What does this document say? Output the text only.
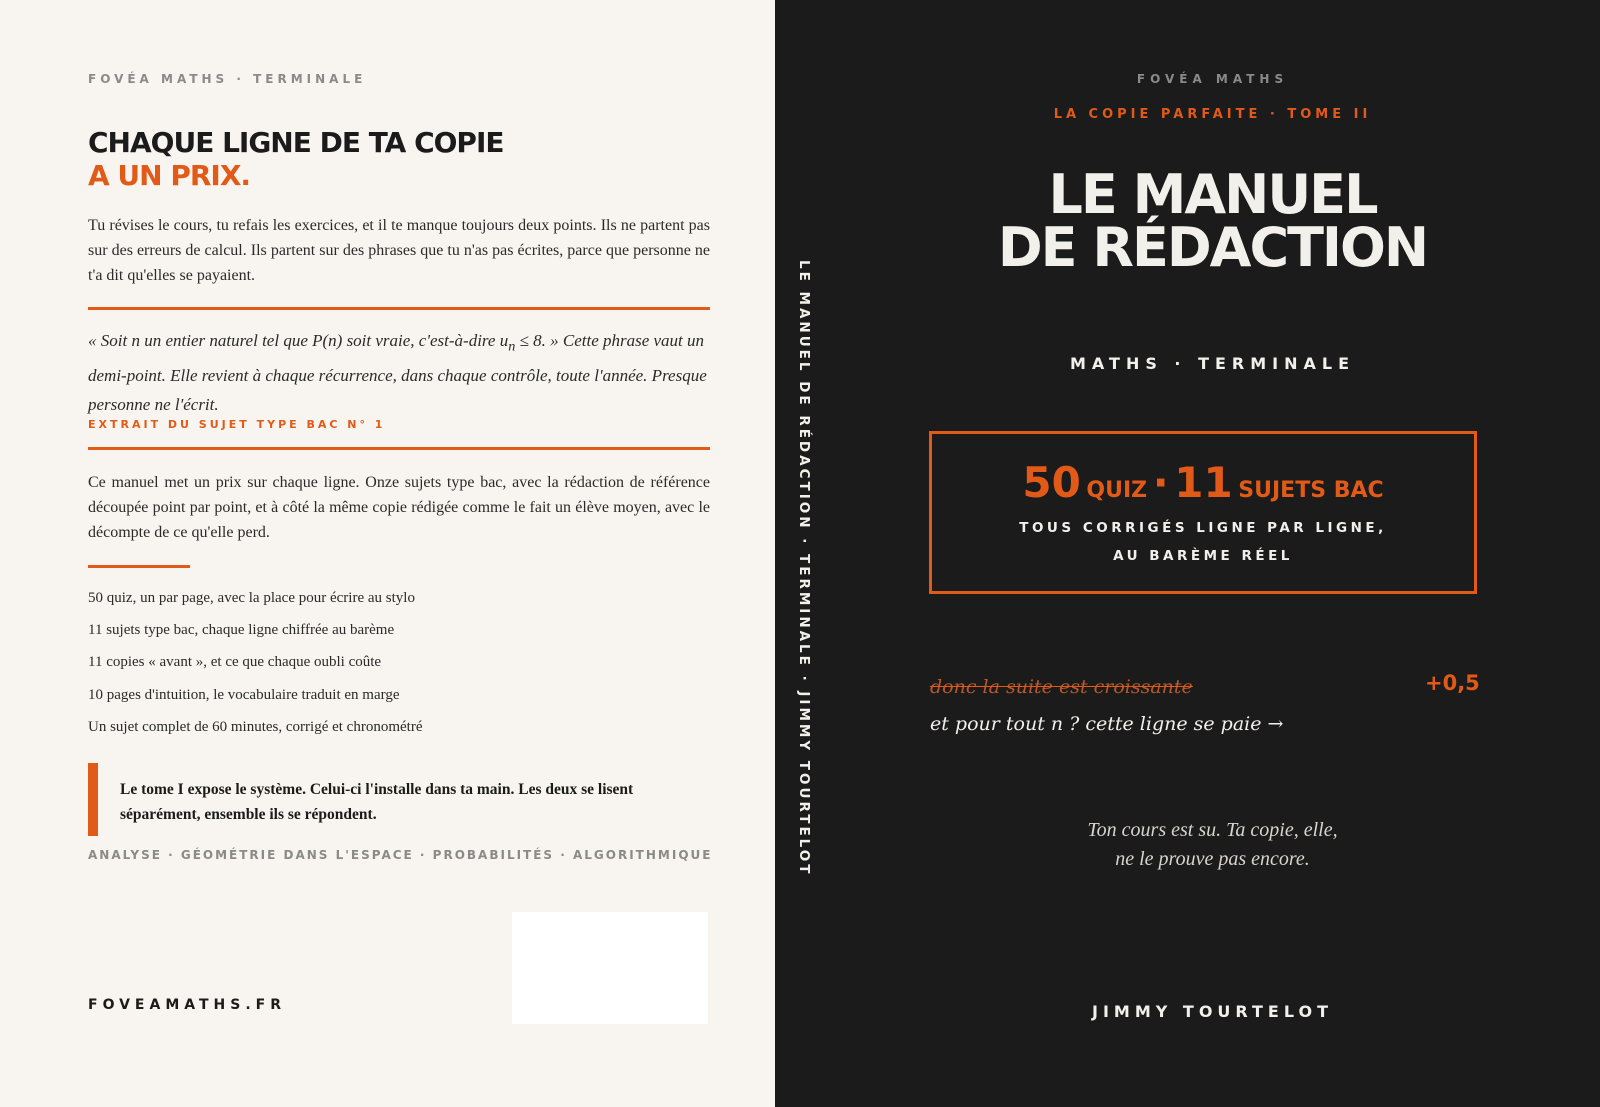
FOVÉA MATHS · TERMINALE
CHAQUE LIGNE DE TA COPIE
A UN PRIX.
Tu révises le cours, tu refais les exercices, et il te manque toujours deux points. Ils ne partent pas sur des erreurs de calcul. Ils partent sur des phrases que tu n'as pas écrites, parce que personne ne t'a dit qu'elles se payaient.
« Soit n un entier naturel tel que P(n) soit vraie, c'est-à-dire $u_n \le 8$. » Cette phrase vaut un demi-point. Elle revient à chaque récurrence, dans chaque contrôle, toute l'année. Presque personne ne l'écrit.
EXTRAIT DU SUJET TYPE BAC N° 1
Ce manuel met un prix sur chaque ligne. Onze sujets type bac, avec la rédaction de référence découpée point par point, et à côté la même copie rédigée comme le fait un élève moyen, avec le décompte de ce qu'elle perd.
50 quiz, un par page, avec la place pour écrire au stylo
11 sujets type bac, chaque ligne chiffrée au barème
11 copies « avant », et ce que chaque oubli coûte
10 pages d'intuition, le vocabulaire traduit en marge
Un sujet complet de 60 minutes, corrigé et chronométré
Le tome I expose le système. Celui-ci l'installe dans ta main. Les deux se lisent séparément, ensemble ils se répondent.
ANALYSE · GÉOMÉTRIE DANS L'ESPACE · PROBABILITÉS · ALGORITHMIQUE
FOVEAMATHS.FR
LE MANUEL DE RÉDACTION · TERMINALE · JIMMY TOURTELOT
FOVÉA MATHS
LA COPIE PARFAITE · TOME II
LE MANUEL
DE RÉDACTION
MATHS · TERMINALE
50 QUIZ · 11 SUJETS BAC
TOUS CORRIGÉS LIGNE PAR LIGNE,
AU BARÈME RÉEL
donc la suite est croissante	+0,5
et pour tout n ? cette ligne se paie →
Ton cours est su. Ta copie, elle,
ne le prouve pas encore.
JIMMY TOURTELOT
